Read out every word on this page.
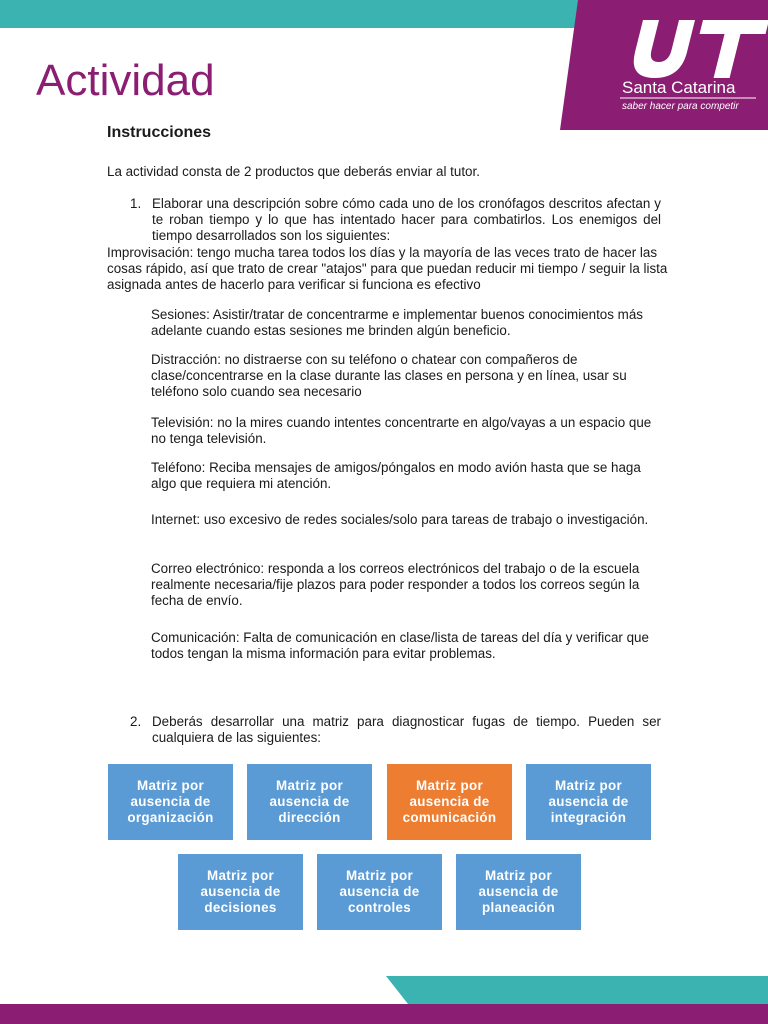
Santa Catarina
saber hacer para competir
Actividad
Instrucciones
La actividad consta de 2 productos que deberás enviar al tutor.
1. Elaborar una descripción sobre cómo cada uno de los cronófagos descritos afectan y te roban tiempo y lo que has intentado hacer para combatirlos. Los enemigos del tiempo desarrollados son los siguientes:
Improvisación: tengo mucha tarea todos los días y la mayoría de las veces trato de hacer las cosas rápido, así que trato de crear "atajos" para que puedan reducir mi tiempo / seguir la lista asignada antes de hacerlo para verificar si funciona es efectivo
Sesiones: Asistir/tratar de concentrarme e implementar buenos conocimientos más adelante cuando estas sesiones me brinden algún beneficio.
Distracción: no distraerse con su teléfono o chatear con compañeros de clase/concentrarse en la clase durante las clases en persona y en línea, usar su teléfono solo cuando sea necesario
Televisión: no la mires cuando intentes concentrarte en algo/vayas a un espacio que no tenga televisión.
Teléfono: Reciba mensajes de amigos/póngalos en modo avión hasta que se haga algo que requiera mi atención.
Internet: uso excesivo de redes sociales/solo para tareas de trabajo o investigación.
Correo electrónico: responda a los correos electrónicos del trabajo o de la escuela realmente necesaria/fije plazos para poder responder a todos los correos según la fecha de envío.
Comunicación: Falta de comunicación en clase/lista de tareas del día y verificar que todos tengan la misma información para evitar problemas.
2. Deberás desarrollar una matriz para diagnosticar fugas de tiempo. Pueden ser cualquiera de las siguientes:
Matriz por ausencia de organización
Matriz por ausencia de dirección
Matriz por ausencia de comunicación
Matriz por ausencia de integración
Matriz por ausencia de decisiones
Matriz por ausencia de controles
Matriz por ausencia de planeación
